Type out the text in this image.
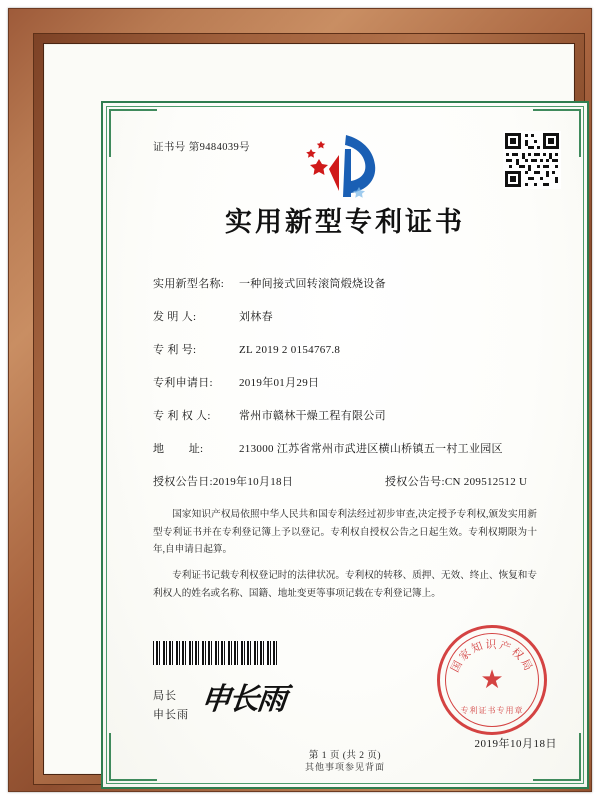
证书号 第9484039号
实用新型专利证书
实用新型名称:	一种间接式回转滚筒煅烧设备
发 明 人:	刘林春
专 利 号:	ZL 2019 2 0154767.8
专利申请日:	2019年01月29日
专 利 权 人:	常州市赣林干燥工程有限公司
地        址:	213000 江苏省常州市武进区横山桥镇五一村工业园区
授权公告日: 2019年10月18日	授权公告号: CN 209512512 U
国家知识产权局依照中华人民共和国专利法经过初步审查,决定授予专利权,颁发实用新型专利证书并在专利登记簿上予以登记。专利权自授权公告之日起生效。专利权期限为十年,自申请日起算。
专利证书记载专利权登记时的法律状况。专利权的转移、质押、无效、终止、恢复和专利权人的姓名或名称、国籍、地址变更等事项记载在专利登记簿上。
局长
申长雨 申长雨
国家知识产权局
★
专利证书专用章
2019年10月18日
第 1 页 (共 2 页)
其他事项参见背面
